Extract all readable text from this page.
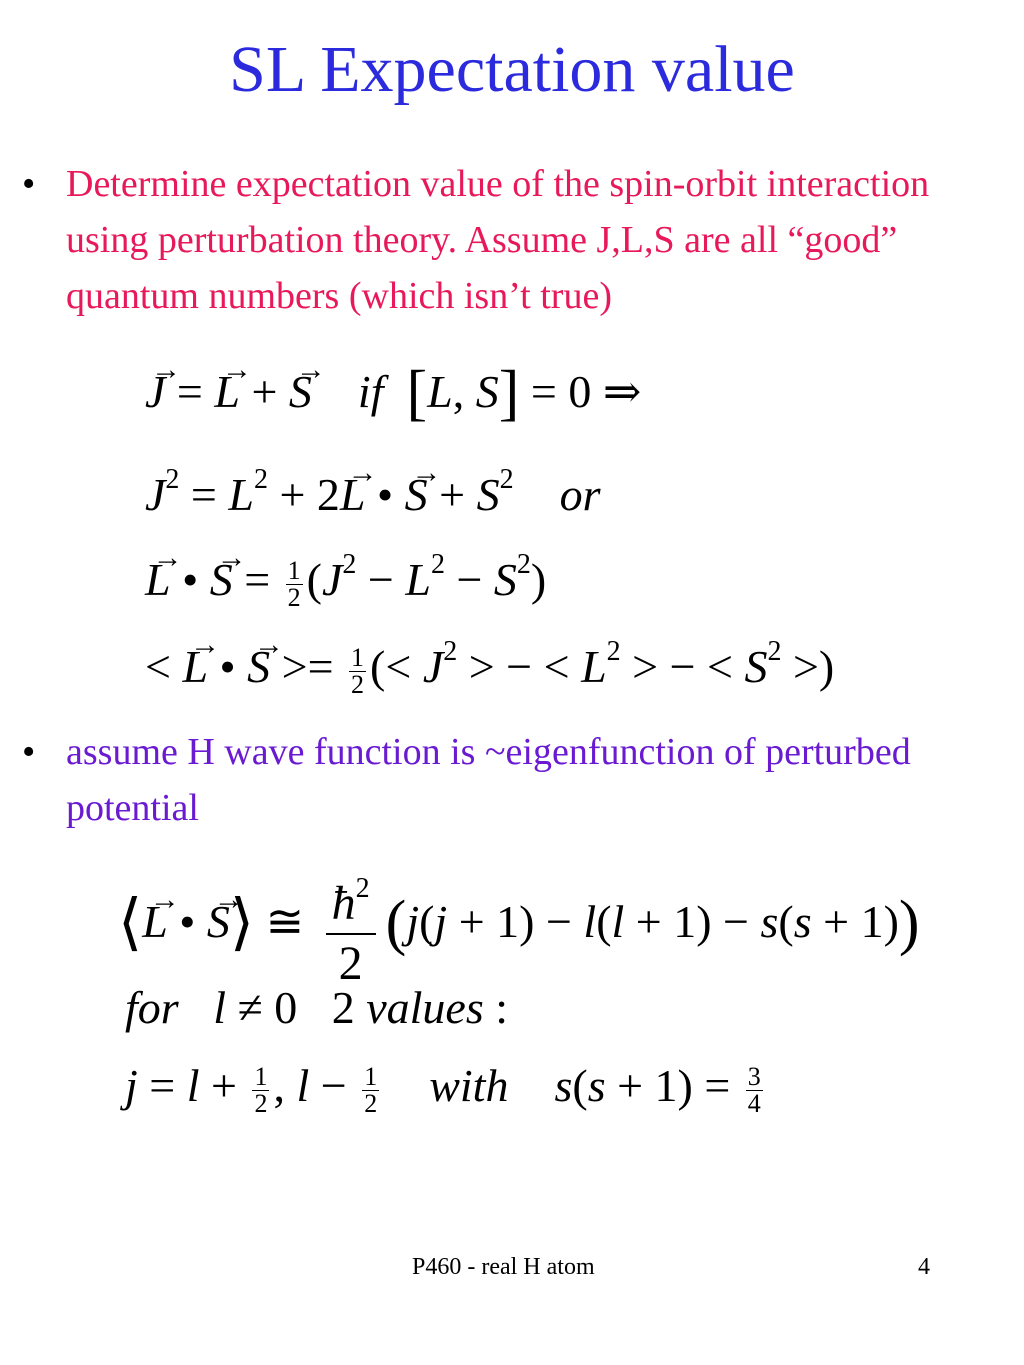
SL Expectation value
• Determine expectation value of the spin-orbit interaction using perturbation theory. Assume J,L,S are all “good” quantum numbers (which isn’t true)
→ J = → L + → S if [L, S] = 0 ⇒
$J^2 = L^2 + 2\to L$ • → $S + S^2$ or
→ L • → $S = \frac{1}{2} (J^2 - L^2 - S^2)$
< → L • → $S >= \frac{1}{2}$ (< $J^2$ > − < $L^2$ > − < $S^2$ >)
• assume H wave function is ~eigenfunction of perturbed potential
⟨→ L • → S⟩ ≅ $\frac{ħ^2}{2} (j(j + 1) - l(l + 1) - s(s + 1))$
for l ≠ 0   2 values :
$j = l + \frac{1}{2}$ , $l - \frac{1}{2}$ with $s(s + 1) = \frac{3}{4}$
P460 - real H atom	4
